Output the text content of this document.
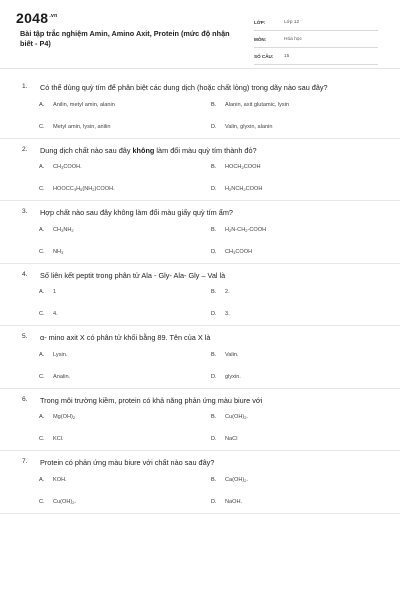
$2048^{.vn}$
Bài tập trắc nghiệm Amin, Amino Axit, Protein (mức độ nhận biết - P4)
LỚP:	Lớp 12
MÔN:	Hóa học
SỐ CÂU:	15
1.	Có thể dùng quỳ tím để phân biệt các dung dịch (hoặc chất lỏng) trong dãy nào sau đây?
A.	Anilin, metyl amin, alanin	B.	Alanin, axit glutamic, lysin
C.	Metyl amin, lysin, anilin	D.	Valin, glyxin, alanin
2.	Dung dịch chất nào sau đây không làm đổi màu quỳ tím thành đỏ?
A.	$CH_3COOH$.	B.	$HOCH_2COOH$
C.	$HOOCC_3H_5(NH_2)COOH$.	D.	$H_2NCH_2COOH$
3.	Hợp chất nào sau đây không làm đổi màu giấy quỳ tím ẩm?
A.	$CH_3NH_2$	B.	$H_2N-CH_2$-COOH
C.	$NH_3$	D.	$CH_3COOH$
4.	Số liên kết peptit trong phân tử Ala - Gly- Ala- Gly – Val là
A.	1	B.	2.
C.	4.	D.	3.
5.	α- mino axit X có phân tử khối bằng 89. Tên của X là
A.	Lysin.	B.	Valin.
C.	Analin.	D.	glyxin.
6.	Trong môi trường kiềm, protein có khả năng phản ứng màu biure với
A.	$Mg(OH)_2$	B.	$Cu(OH)_2$.
C.	KCl.	D.	NaCl
7.	Protein có phản ứng màu biure với chất nào sau đây?
A.	KOH.	B.	$Ca(OH)_2$.
C.	$Cu(OH)_2$.	D.	NaOH.
